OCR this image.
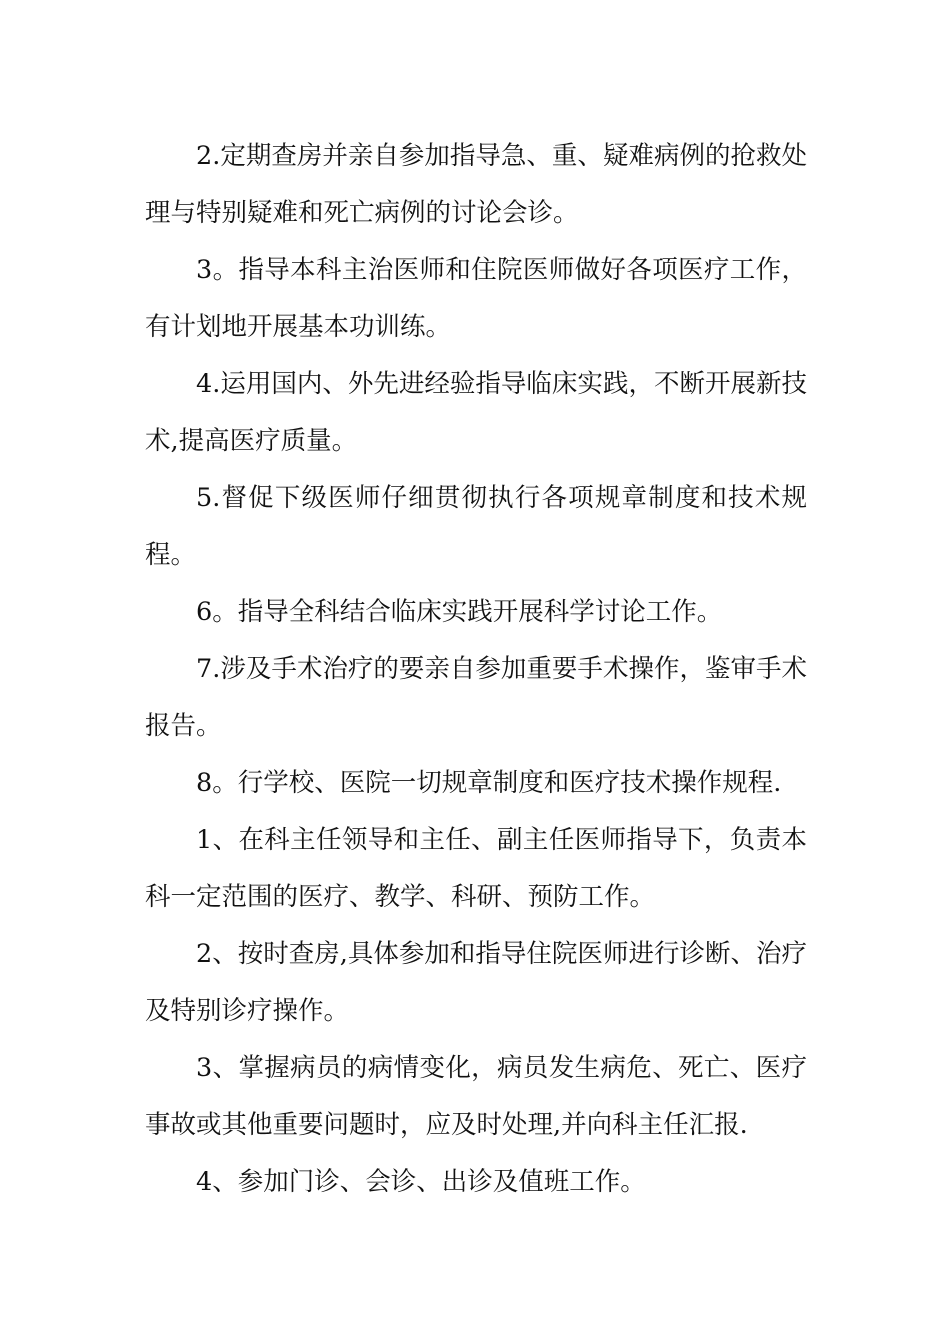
2.定期查房并亲自参加指导急、重、疑难病例的抢救处理与特别疑难和死亡病例的讨论会诊。

3。指导本科主治医师和住院医师做好各项医疗工作，有计划地开展基本功训练。

4.运用国内、外先进经验指导临床实践，不断开展新技术,提高医疗质量。

5.督促下级医师仔细贯彻执行各项规章制度和技术规程。

6。指导全科结合临床实践开展科学讨论工作。

7.涉及手术治疗的要亲自参加重要手术操作，鉴审手术报告。

8。行学校、医院一切规章制度和医疗技术操作规程.

1、在科主任领导和主任、副主任医师指导下，负责本科一定范围的医疗、教学、科研、预防工作。

2、按时查房,具体参加和指导住院医师进行诊断、治疗及特别诊疗操作。

3、掌握病员的病情变化，病员发生病危、死亡、医疗事故或其他重要问题时，应及时处理,并向科主任汇报.

4、参加门诊、会诊、出诊及值班工作。
